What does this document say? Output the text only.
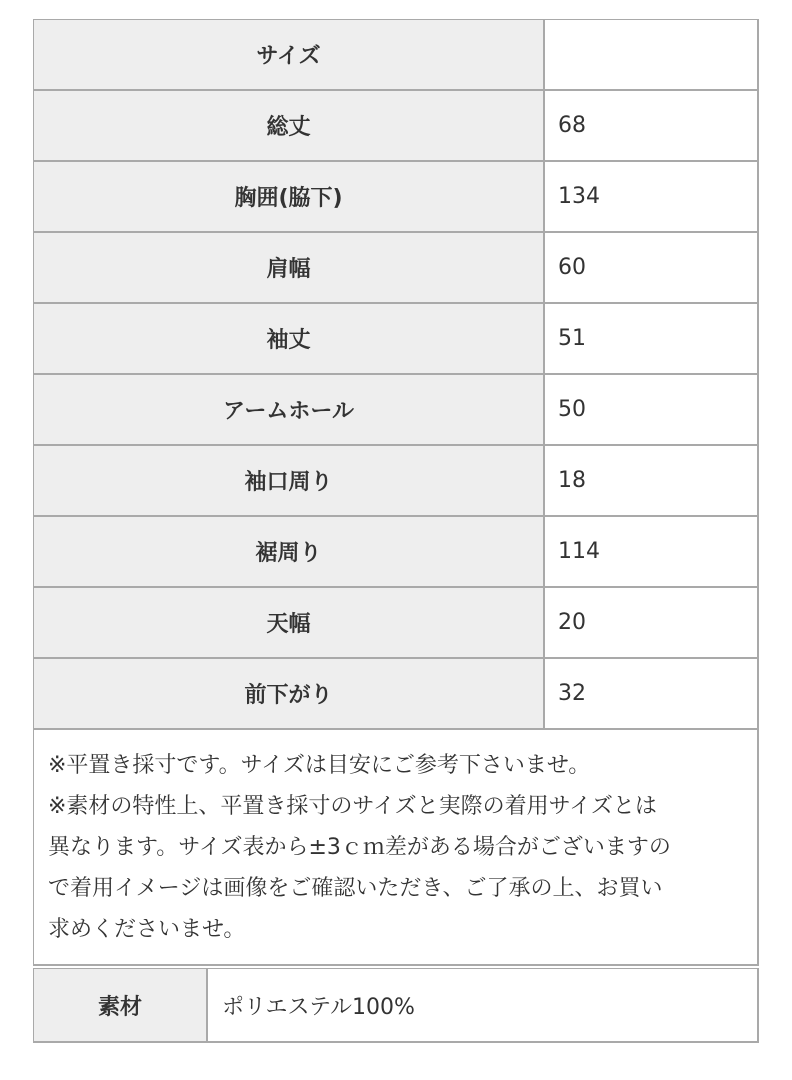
サイズ	
総丈	68
胸囲(脇下)	134
肩幅	60
袖丈	51
アームホール	50
袖口周り	18
裾周り	114
天幅	20
前下がり	32

※平置き採寸です。サイズは目安にご参考下さいませ。

※素材の特性上、平置き採寸のサイズと実際の着用サイズとは

異なります。サイズ表から±3ｃｍ差がある場合がございますの

で着用イメージは画像をご確認いただき、ご了承の上、お買い

求めくださいませ。

素材	ポリエステル100%
